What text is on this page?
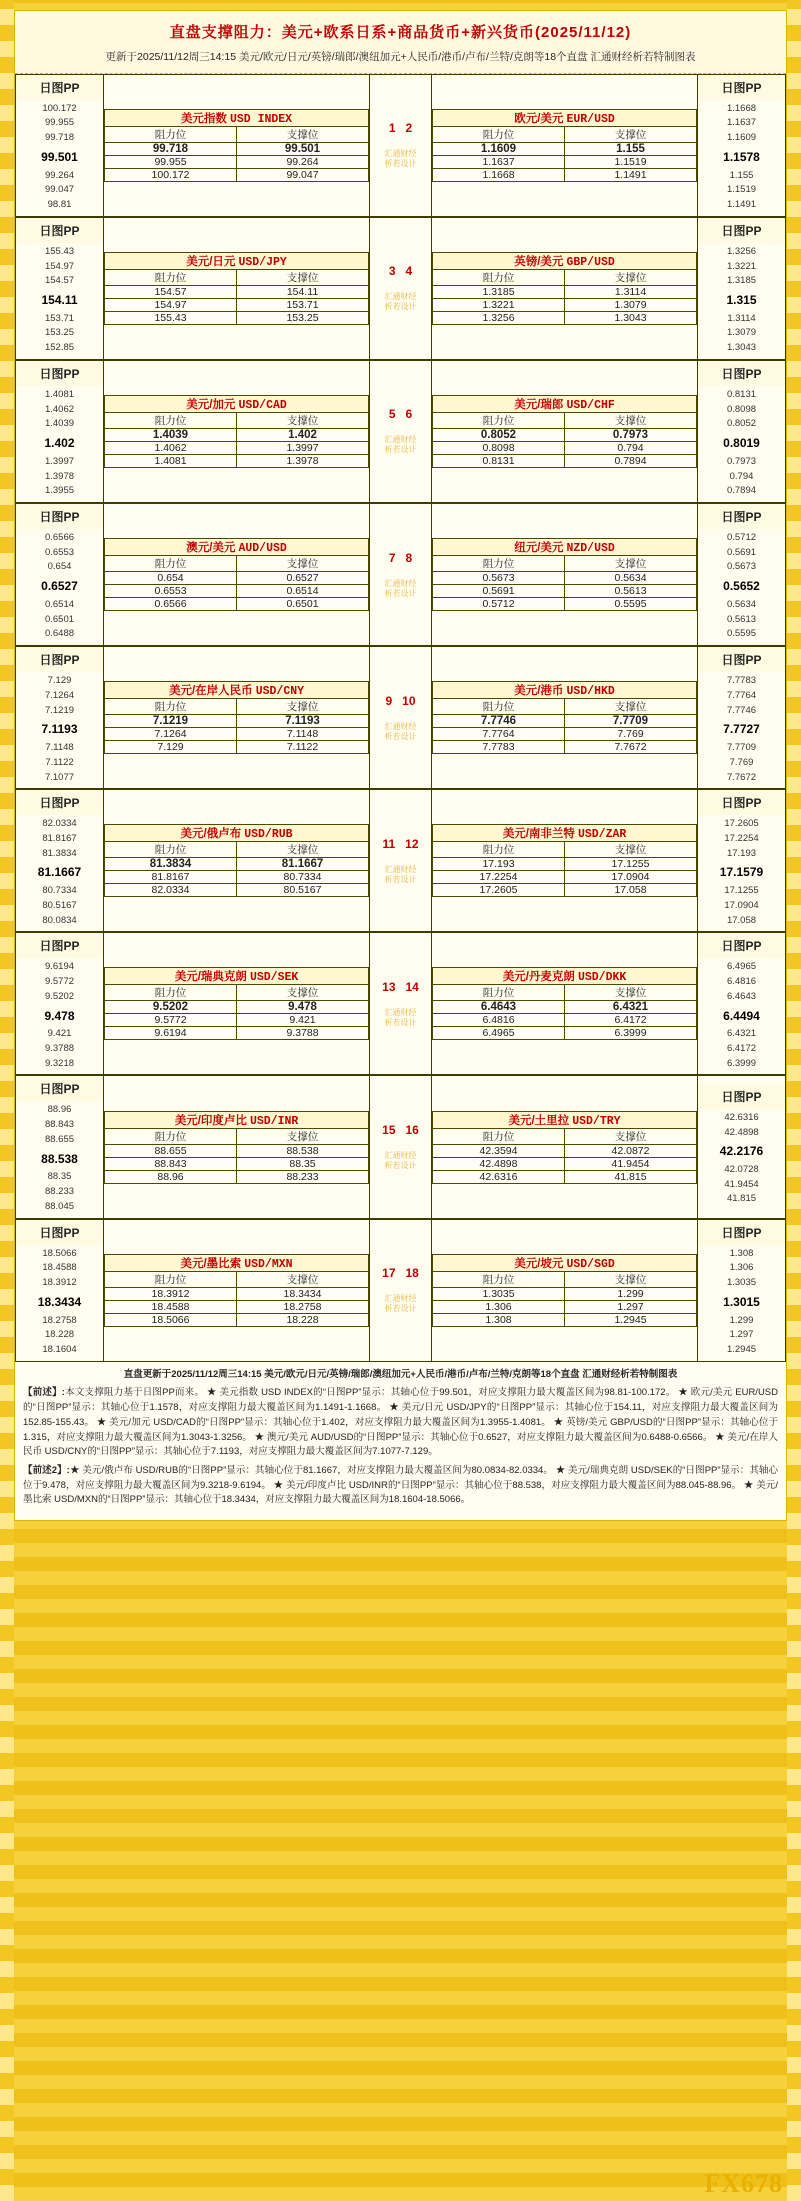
直盘支撑阻力：美元+欧系日系+商品货币+新兴货币(2025/11/12)
更新于2025/11/12周三14:15 美元/欧元/日元/英镑/瑞郎/澳纽加元+人民币/港币/卢布/兰特/克朗等18个直盘 汇通财经析若特制图表
日图PP
100.172
99.955
99.718
99.501
99.264
99.047
98.81

美元指数 USD INDEX
阻力位	支撑位
99.718	99.501
99.955	99.264
100.172	99.047

1   2
汇通财经
析若设计

欧元/美元 EUR/USD
阻力位	支撑位
1.1609	1.155
1.1637	1.1519
1.1668	1.1491

日图PP
1.1668
1.1637
1.1609
1.1578
1.155
1.1519
1.1491
日图PP
155.43
154.97
154.57
154.11
153.71
153.25
152.85

美元/日元 USD/JPY
阻力位	支撑位
154.57	154.11
154.97	153.71
155.43	153.25

3   4
汇通财经
析若设计

英镑/美元 GBP/USD
阻力位	支撑位
1.3185	1.3114
1.3221	1.3079
1.3256	1.3043

日图PP
1.3256
1.3221
1.3185
1.315
1.3114
1.3079
1.3043
日图PP
1.4081
1.4062
1.4039
1.402
1.3997
1.3978
1.3955

美元/加元 USD/CAD
阻力位	支撑位
1.4039	1.402
1.4062	1.3997
1.4081	1.3978

5   6
汇通财经
析若设计

美元/瑞郎 USD/CHF
阻力位	支撑位
0.8052	0.7973
0.8098	0.794
0.8131	0.7894

日图PP
0.8131
0.8098
0.8052
0.8019
0.7973
0.794
0.7894
日图PP
0.6566
0.6553
0.654
0.6527
0.6514
0.6501
0.6488

澳元/美元 AUD/USD
阻力位	支撑位
0.654	0.6527
0.6553	0.6514
0.6566	0.6501

7   8
汇通财经
析若设计

纽元/美元 NZD/USD
阻力位	支撑位
0.5673	0.5634
0.5691	0.5613
0.5712	0.5595

日图PP
0.5712
0.5691
0.5673
0.5652
0.5634
0.5613
0.5595
日图PP
7.129
7.1264
7.1219
7.1193
7.1148
7.1122
7.1077

美元/在岸人民币 USD/CNY
阻力位	支撑位
7.1219	7.1193
7.1264	7.1148
7.129	7.1122

9   10
汇通财经
析若设计

美元/港币 USD/HKD
阻力位	支撑位
7.7746	7.7709
7.7764	7.769
7.7783	7.7672

日图PP
7.7783
7.7764
7.7746
7.7727
7.7709
7.769
7.7672
日图PP
82.0334
81.8167
81.3834
81.1667
80.7334
80.5167
80.0834

美元/俄卢布 USD/RUB
阻力位	支撑位
81.3834	81.1667
81.8167	80.7334
82.0334	80.5167

11   12
汇通财经
析若设计

美元/南非兰特 USD/ZAR
阻力位	支撑位
17.193	17.1255
17.2254	17.0904
17.2605	17.058

日图PP
17.2605
17.2254
17.193
17.1579
17.1255
17.0904
17.058
日图PP
9.6194
9.5772
9.5202
9.478
9.421
9.3788
9.3218

美元/瑞典克朗 USD/SEK
阻力位	支撑位
9.5202	9.478
9.5772	9.421
9.6194	9.3788

13   14
汇通财经
析若设计

美元/丹麦克朗 USD/DKK
阻力位	支撑位
6.4643	6.4321
6.4816	6.4172
6.4965	6.3999

日图PP
6.4965
6.4816
6.4643
6.4494
6.4321
6.4172
6.3999
日图PP
88.96
88.843
88.655
88.538
88.35
88.233
88.045

美元/印度卢比 USD/INR
阻力位	支撑位
88.655	88.538
88.843	88.35
88.96	88.233

15   16
汇通财经
析若设计

美元/土里拉 USD/TRY
阻力位	支撑位
42.3594	42.0872
42.4898	41.9454
42.6316	41.815

日图PP
42.6316
42.4898
42.2176
42.0728
41.9454
41.815
日图PP
18.5066
18.4588
18.3912
18.3434
18.2758
18.228
18.1604

美元/墨比索 USD/MXN
阻力位	支撑位
18.3912	18.3434
18.4588	18.2758
18.5066	18.228

17   18
汇通财经
析若设计

美元/坡元 USD/SGD
阻力位	支撑位
1.3035	1.299
1.306	1.297
1.308	1.2945

日图PP
1.308
1.306
1.3035
1.3015
1.299
1.297
1.2945
直盘更新于2025/11/12周三14:15 美元/欧元/日元/英镑/瑞郎/澳纽加元+人民币/港币/卢布/兰特/克朗等18个直盘 汇通财经析若特制图表

【前述】:本文支撑阻力基于日图PP而来。 ★ 美元指数 USD INDEX的“日图PP”显示：其轴心位于99.501，对应支撑阻力最大覆盖区间为98.81-100.172。 ★ 欧元/美元 EUR/USD的“日图PP”显示：其轴心位于1.1578，对应支撑阻力最大覆盖区间为1.1491-1.1668。 ★ 美元/日元 USD/JPY的“日图PP”显示：其轴心位于154.11，对应支撑阻力最大覆盖区间为152.85-155.43。 ★ 美元/加元 USD/CAD的“日图PP”显示：其轴心位于1.402，对应支撑阻力最大覆盖区间为1.3955-1.4081。 ★ 英镑/美元 GBP/USD的“日图PP”显示：其轴心位于1.315，对应支撑阻力最大覆盖区间为1.3043-1.3256。 ★ 澳元/美元 AUD/USD的“日图PP”显示：其轴心位于0.6527，对应支撑阻力最大覆盖区间为0.6488-0.6566。 ★ 美元/在岸人民币 USD/CNY的“日图PP”显示：其轴心位于7.1193，对应支撑阻力最大覆盖区间为7.1077-7.129。

【前述2】:★ 美元/俄卢布 USD/RUB的“日图PP”显示：其轴心位于81.1667，对应支撑阻力最大覆盖区间为80.0834-82.0334。 ★ 美元/瑞典克朗 USD/SEK的“日图PP”显示：其轴心位于9.478，对应支撑阻力最大覆盖区间为9.3218-9.6194。 ★ 美元/印度卢比 USD/INR的“日图PP”显示：其轴心位于88.538，对应支撑阻力最大覆盖区间为88.045-88.96。 ★ 美元/墨比索 USD/MXN的“日图PP”显示：其轴心位于18.3434，对应支撑阻力最大覆盖区间为18.1604-18.5066。

FX678
